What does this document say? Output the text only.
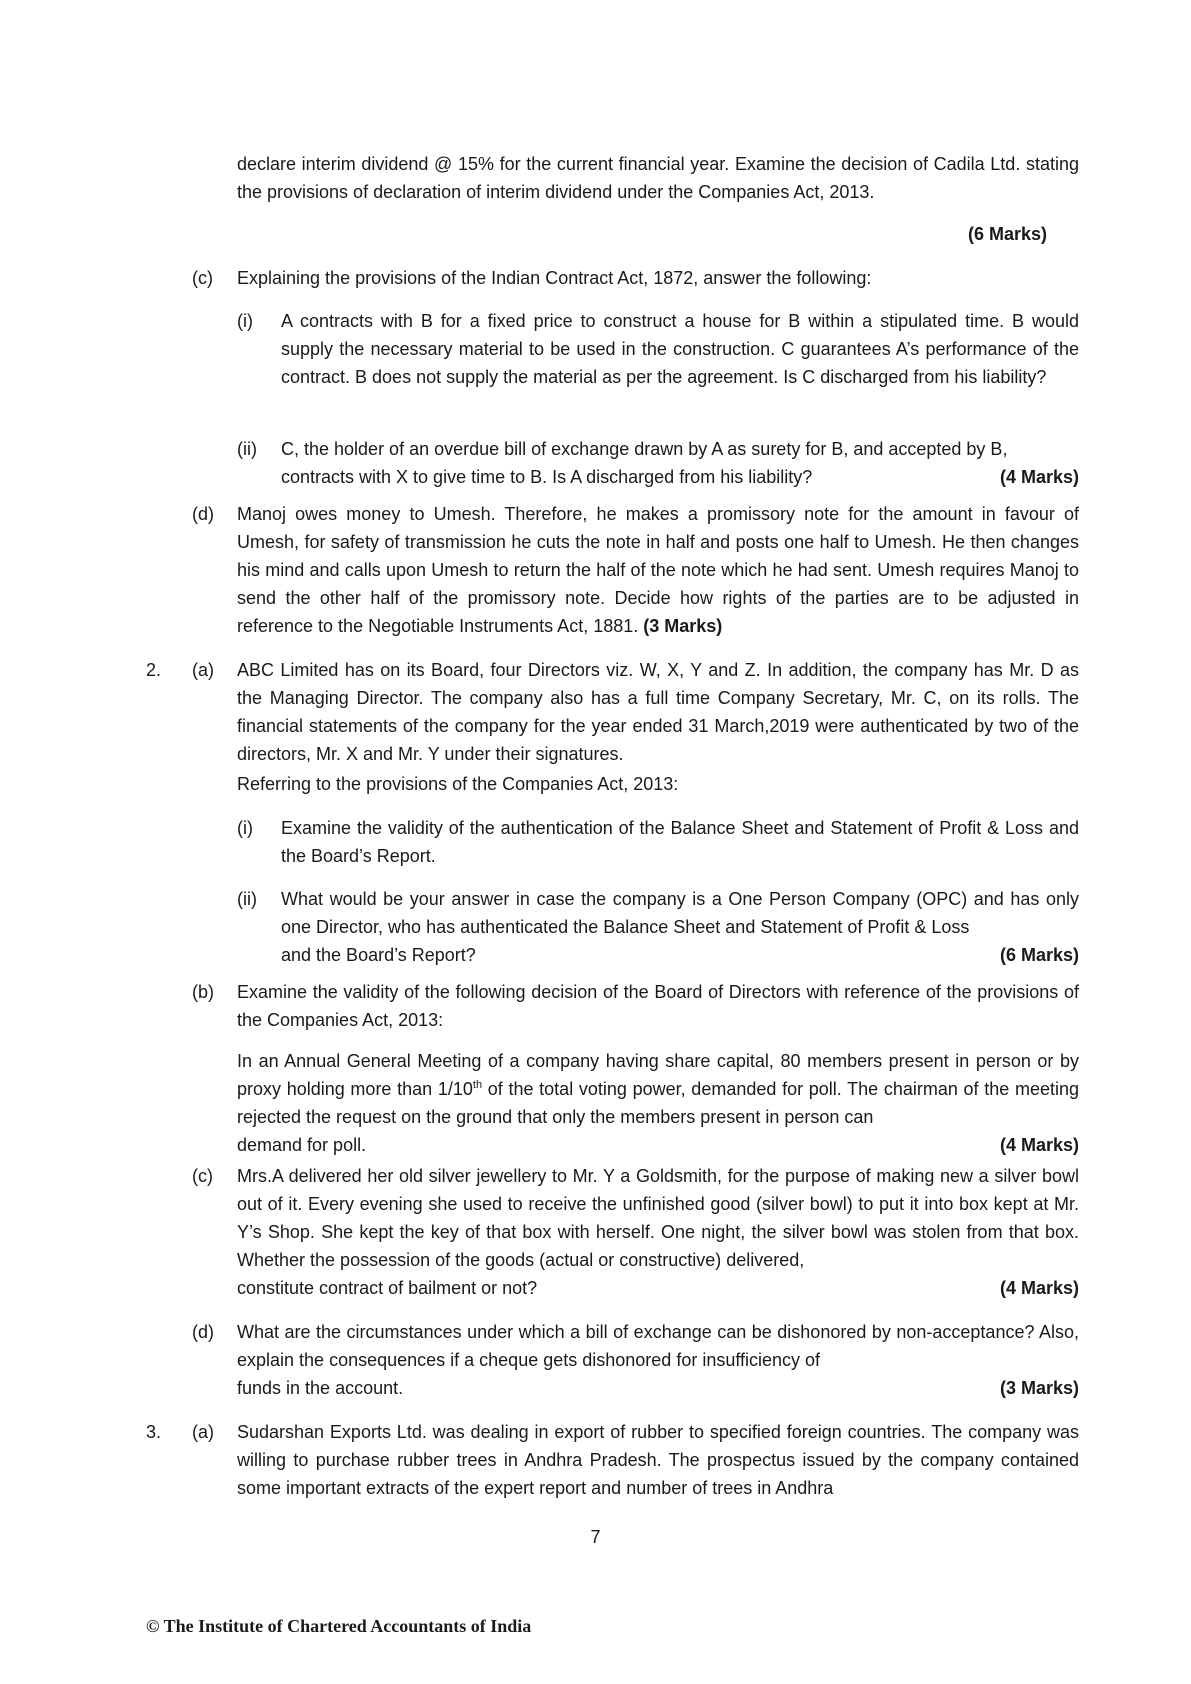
declare interim dividend @ 15% for the current financial year. Examine the decision of Cadila Ltd. stating the provisions of declaration of interim dividend under the Companies Act, 2013.

(6 Marks)

(c) Explaining the provisions of the Indian Contract Act, 1872, answer the following:

(i) A contracts with B for a fixed price to construct a house for B within a stipulated time. B would supply the necessary material to be used in the construction. C guarantees A’s performance of the contract. B does not supply the material as per the agreement. Is C discharged from his liability?

(ii) C, the holder of an overdue bill of exchange drawn by A as surety for B, and accepted by B,
contracts with X to give time to B. Is A discharged from his liability?	(4 Marks)

(d) Manoj owes money to Umesh. Therefore, he makes a promissory note for the amount in favour of Umesh, for safety of transmission he cuts the note in half and posts one half to Umesh. He then changes his mind and calls upon Umesh to return the half of the note which he had sent. Umesh requires Manoj to send the other half of the promissory note. Decide how rights of the parties are to be adjusted in reference to the Negotiable Instruments Act, 1881. (3 Marks)

2. (a) ABC Limited has on its Board, four Directors viz. W, X, Y and Z. In addition, the company has Mr. D as the Managing Director. The company also has a full time Company Secretary, Mr. C, on its rolls. The financial statements of the company for the year ended 31 March,2019 were authenticated by two of the directors, Mr. X and Mr. Y under their signatures.

Referring to the provisions of the Companies Act, 2013:

(i) Examine the validity of the authentication of the Balance Sheet and Statement of Profit & Loss and the Board’s Report.

(ii) What would be your answer in case the company is a One Person Company (OPC) and has only one Director, who has authenticated the Balance Sheet and Statement of Profit & Loss
and the Board’s Report?	(6 Marks)

(b) Examine the validity of the following decision of the Board of Directors with reference of the provisions of the Companies Act, 2013:

In an Annual General Meeting of a company having share capital, 80 members present in person or by proxy holding more than 1/10th of the total voting power, demanded for poll. The chairman of the meeting rejected the request on the ground that only the members present in person can
demand for poll.	(4 Marks)

(c) Mrs.A delivered her old silver jewellery to Mr. Y a Goldsmith, for the purpose of making new a silver bowl out of it. Every evening she used to receive the unfinished good (silver bowl) to put it into box kept at Mr. Y’s Shop. She kept the key of that box with herself. One night, the silver bowl was stolen from that box. Whether the possession of the goods (actual or constructive) delivered,
constitute contract of bailment or not?	(4 Marks)

(d) What are the circumstances under which a bill of exchange can be dishonored by non-acceptance? Also, explain the consequences if a cheque gets dishonored for insufficiency of
funds in the account.	(3 Marks)

3. (a) Sudarshan Exports Ltd. was dealing in export of rubber to specified foreign countries. The company was willing to purchase rubber trees in Andhra Pradesh. The prospectus issued by the company contained some important extracts of the expert report and number of trees in Andhra

7
© The Institute of Chartered Accountants of India
